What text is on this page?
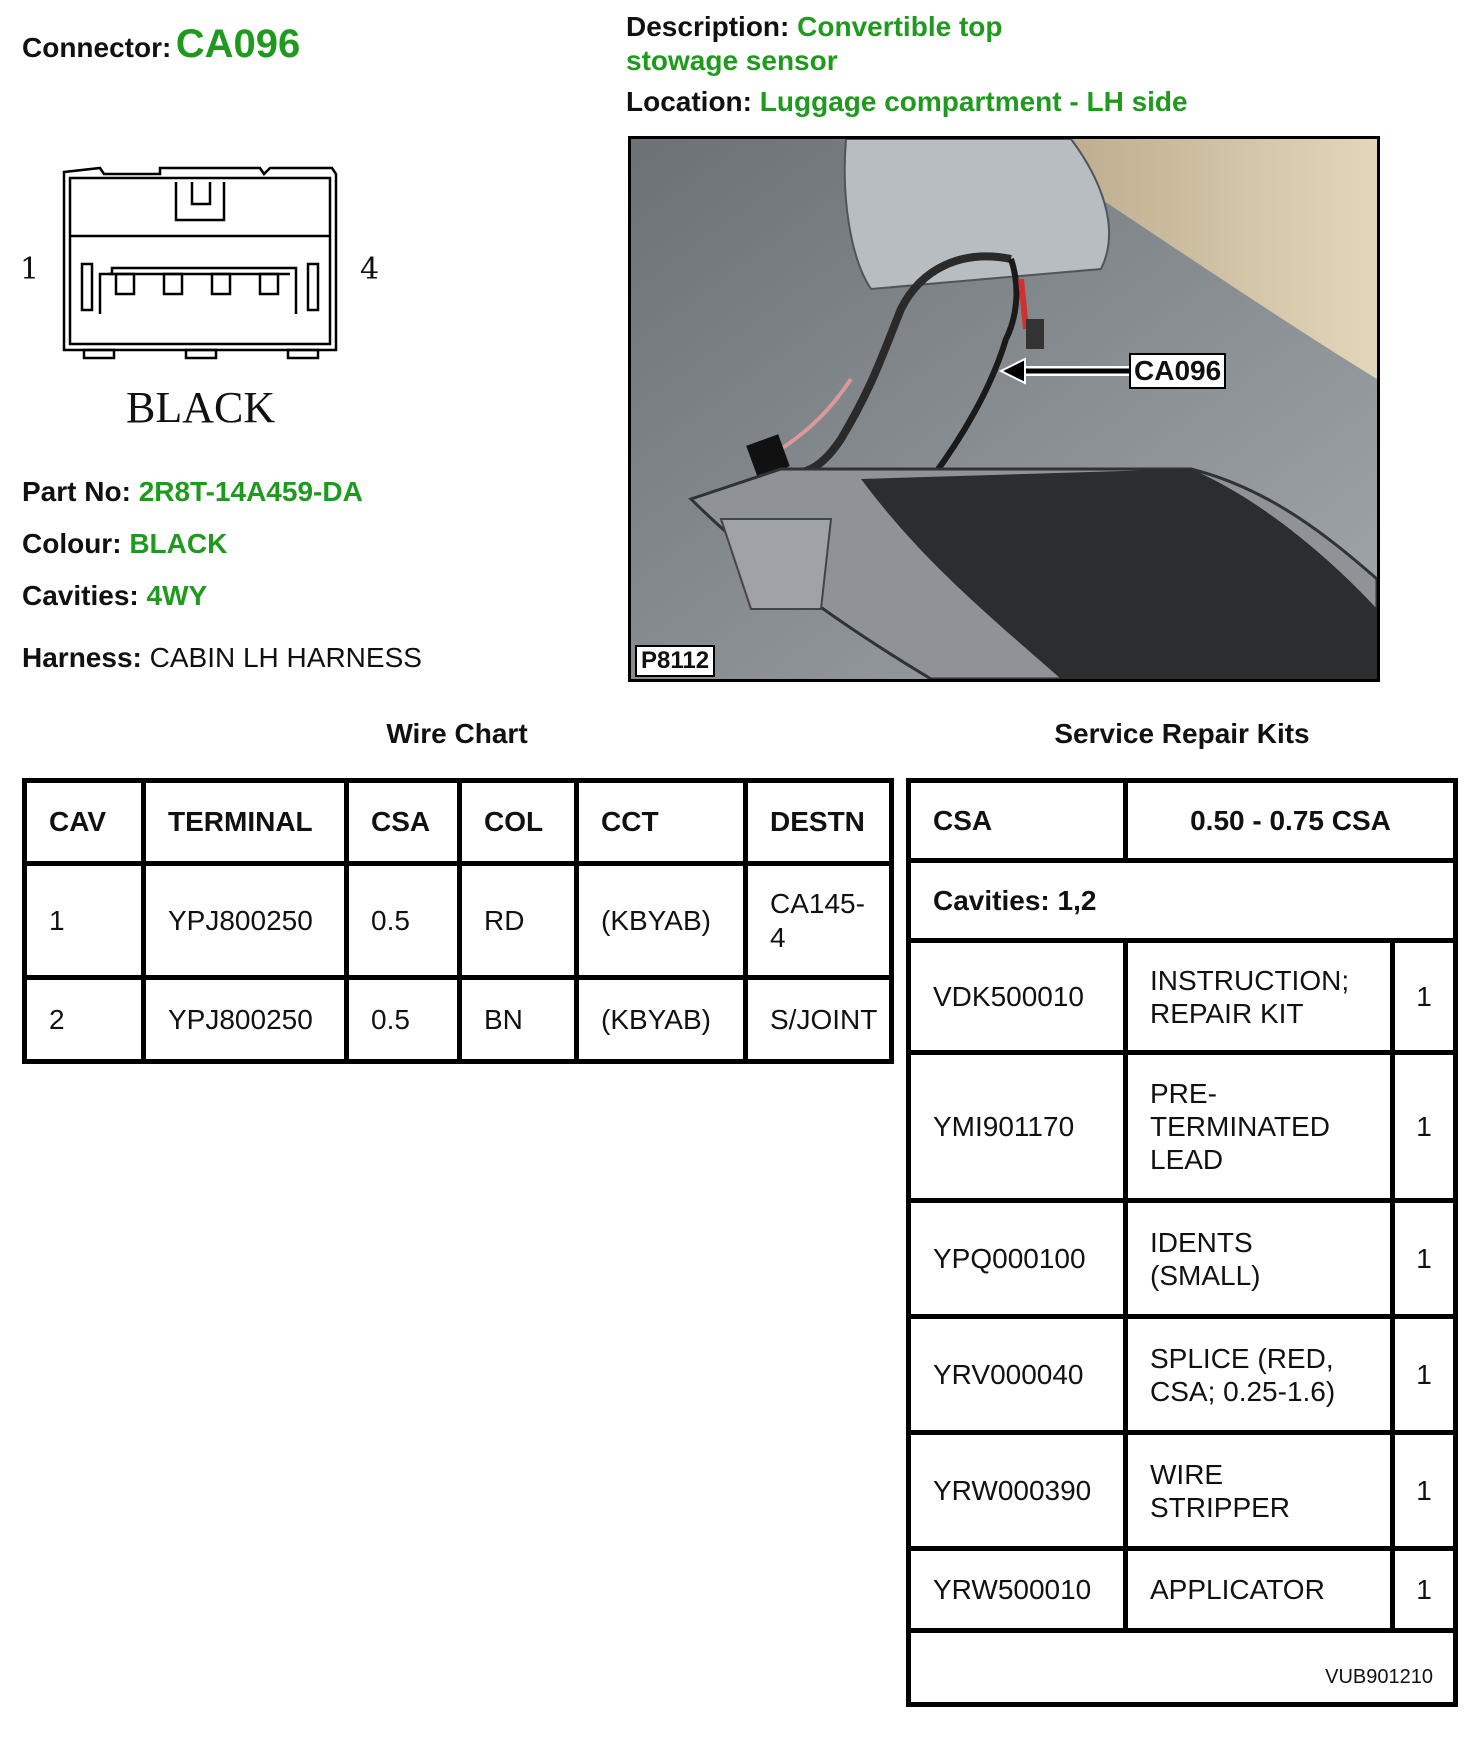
Connector: CA096	Description: Convertible top
stowage sensor
Location: Luggage compartment - LH side
1	4
BLACK
Part No: 2R8T-14A459-DA
Colour: BLACK
Cavities: 4WY
Harness: CABIN LH HARNESS
CA096
P8112
Wire Chart
CAV	TERMINAL	CSA	COL	CCT	DESTN
1	YPJ800250	0.5	RD	(KBYAB)	CA145-
4
2	YPJ800250	0.5	BN	(KBYAB)	S/JOINT
Service Repair Kits
CSA	0.50 - 0.75 CSA	
Cavities: 1,2		
VDK500010	INSTRUCTION;
REPAIR KIT	1
YMI901170	PRE-
TERMINATED
LEAD	1
YPQ000100	IDENTS
(SMALL)	1
YRV000040	SPLICE (RED,
CSA; 0.25-1.6)	1
YRW000390	WIRE
STRIPPER	1
YRW500010	APPLICATOR	1
VUB901210		
